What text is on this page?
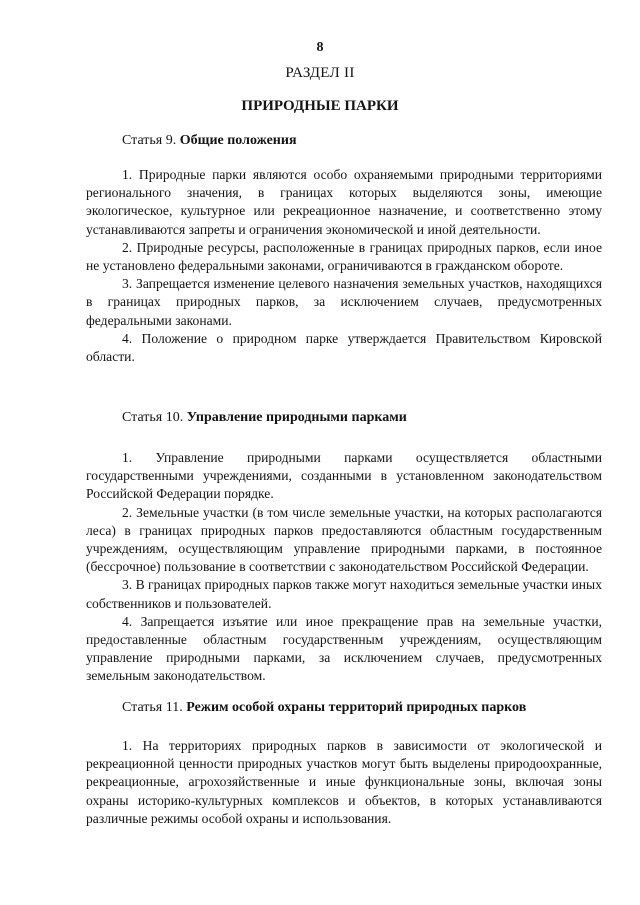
8
РАЗДЕЛ II
ПРИРОДНЫЕ ПАРКИ

Статья 9. Общие положения

1. Природные парки являются особо охраняемыми природными территориями регионального значения, в границах которых выделяются зоны, имеющие экологическое, культурное или рекреационное назначение, и соответственно этому устанавливаются запреты и ограничения экономической и иной деятельности.

2. Природные ресурсы, расположенные в границах природных парков, если иное не установлено федеральными законами, ограничиваются в гражданском обороте.

3. Запрещается изменение целевого назначения земельных участков, находящихся в границах природных парков, за исключением случаев, предусмотренных федеральными законами.

4. Положение о природном парке утверждается Правительством Кировской области.

Статья 10. Управление природными парками

1. Управление природными парками осуществляется областными государственными учреждениями, созданными в установленном законодательством Российской Федерации порядке.

2. Земельные участки (в том числе земельные участки, на которых располагаются леса) в границах природных парков предоставляются областным государственным учреждениям, осуществляющим управление природными парками, в постоянное (бессрочное) пользование в соответствии с законодательством Российской Федерации.

3. В границах природных парков также могут находиться земельные участки иных собственников и пользователей.

4. Запрещается изъятие или иное прекращение прав на земельные участки, предоставленные областным государственным учреждениям, осуществляющим управление природными парками, за исключением случаев, предусмотренных земельным законодательством.

Статья 11. Режим особой охраны территорий природных парков

1. На территориях природных парков в зависимости от экологической и рекреационной ценности природных участков могут быть выделены природоохранные, рекреационные, агрохозяйственные и иные функциональные зоны, включая зоны охраны историко-культурных комплексов и объектов, в которых устанавливаются различные режимы особой охраны и использования.
